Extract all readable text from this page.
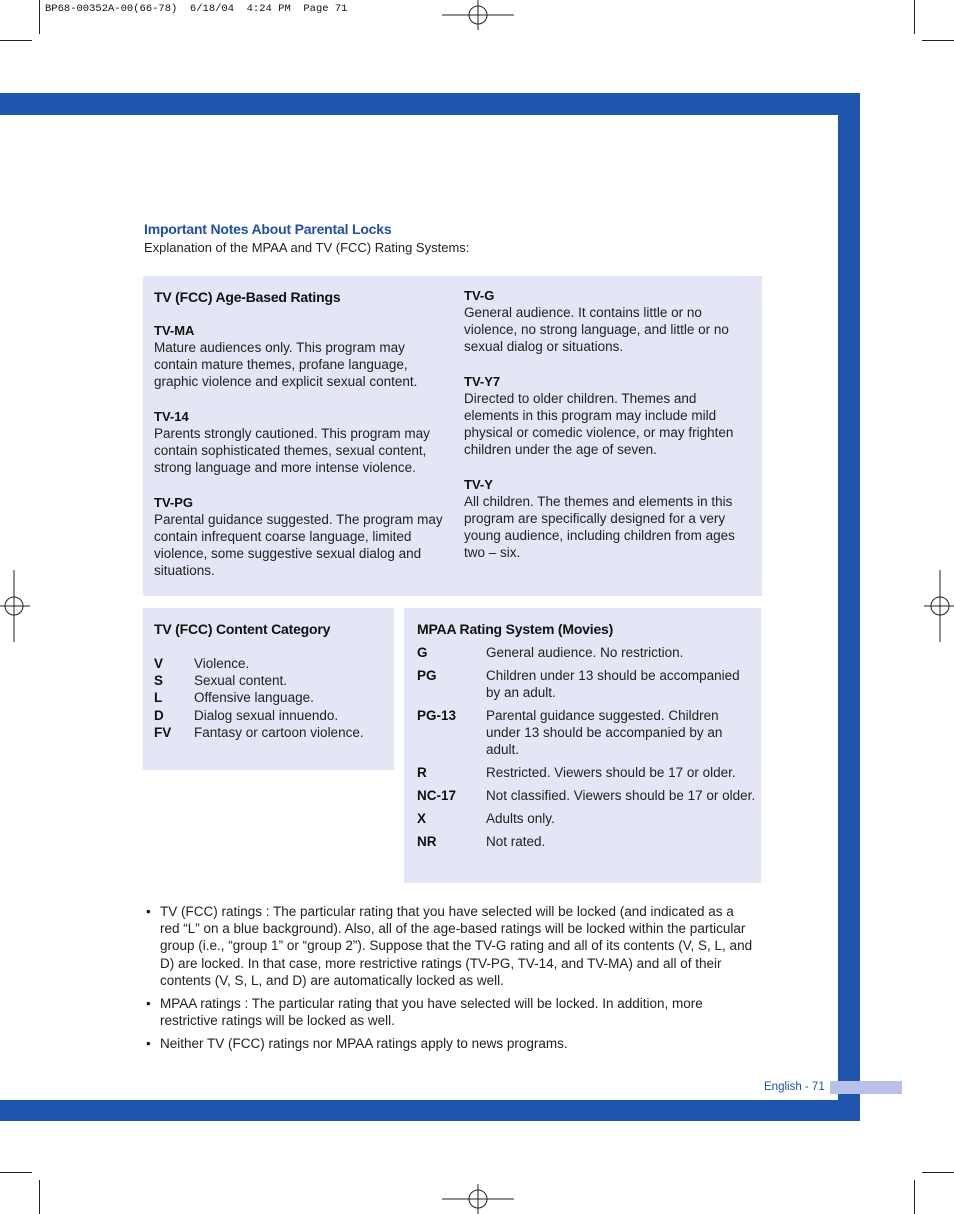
BP68-00352A-00(66-78)  6/18/04  4:24 PM  Page 71
Important Notes About Parental Locks
Explanation of the MPAA and TV (FCC) Rating Systems:
TV (FCC) Age-Based Ratings
TV-MA

Mature audiences only. This program may contain mature themes, profane language, graphic violence and explicit sexual content.

TV-14

Parents strongly cautioned. This program may contain sophisticated themes, sexual content, strong language and more intense violence.

TV-PG

Parental guidance suggested. The program may contain infrequent coarse language, limited violence, some suggestive sexual dialog and situations.

TV-G

General audience. It contains little or no violence, no strong language, and little or no sexual dialog or situations.

TV-Y7

Directed to older children. Themes and elements in this program may include mild physical or comedic violence, or may frighten children under the age of seven.

TV-Y

All children. The themes and elements in this program are specifically designed for a very young audience, including children from ages two – six.

TV (FCC) Content Category
V	Violence.
S	Sexual content.
L	Offensive language.
D	Dialog sexual innuendo.
FV	Fantasy or cartoon violence.
MPAA Rating System (Movies)
G	General audience. No restriction.
PG	Children under 13 should be accompanied by an adult.
PG-13	Parental guidance suggested. Children under 13 should be accompanied by an adult.
R	Restricted. Viewers should be 17 or older.
NC-17	Not classified. Viewers should be 17 or older.
X	Adults only.
NR	Not rated.
• TV (FCC) ratings : The particular rating that you have selected will be locked (and indicated as a red “L” on a blue background). Also, all of the age-based ratings will be locked within the particular group (i.e., “group 1” or “group 2”). Suppose that the TV-G rating and all of its contents (V, S, L, and D) are locked. In that case, more restrictive ratings (TV-PG, TV-14, and TV-MA) and all of their contents (V, S, L, and D) are automatically locked as well.
• MPAA ratings : The particular rating that you have selected will be locked. In addition, more restrictive ratings will be locked as well.
• Neither TV (FCC) ratings nor MPAA ratings apply to news programs.
English - 71
